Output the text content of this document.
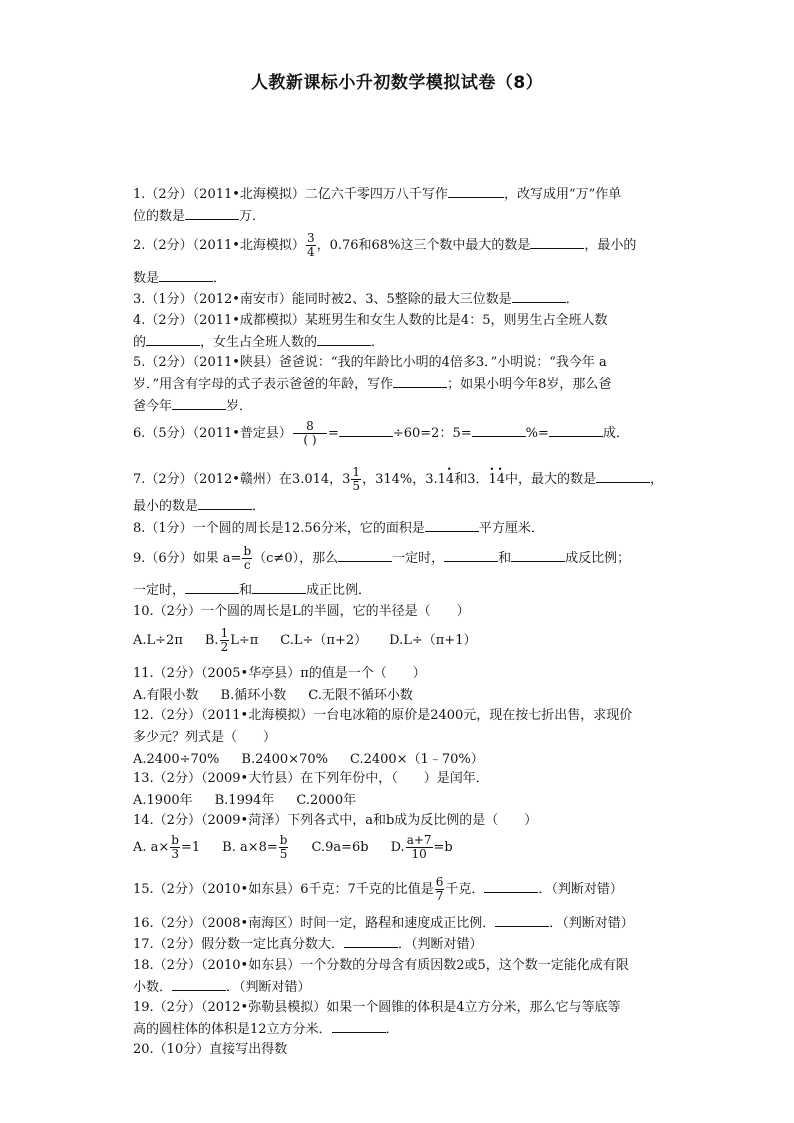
人教新课标小升初数学模拟试卷（8）
1.（2分）（2011•北海模拟）二亿六千零四万八千写作	，改写成用“万”作单
位的数是	万．
2.（2分）（2011•北海模拟） $\frac{3}{4}$ ，0.76和68%这三个数中最大的数是	，最小的
数是	．
3.（1分）（2012•南安市）能同时被2、3、5整除的最大三位数是	．
4.（2分）（2011•成都模拟）某班男生和女生人数的比是4：5，则男生占全班人数
的	，女生占全班人数的	．
5.（2分）（2011•陕县）爸爸说：“我的年龄比小明的4倍多3．”小明说：“我今年 a
岁．”用含有字母的式子表示爸爸的年龄，写作	；如果小明今年8岁，那么爸
爸今年	岁．
6.（5分）（2011•普定县） $\frac{8}{( )}$ =	÷60=2：5=	%=	成．
7.（2分）（2012•赣州）在3.014，$3 \frac{1}{5}$ ，314%，3.1• 4和3．• 1• 4中，最大的数是	，
最小的数是	．
8.（1分）一个圆的周长是12.56分米，它的面积是	平方厘米．
9.（6分）如果 $a= \frac{b}{c} (c\ne 0)$，那么	一定时，	和	成反比例；
一定时，	和	成正比例．
10.（2分）一个圆的周长是L的半圆，它的半径是（　　）
A.L÷2π B. $\frac{1}{2} L\div\pi$ C.L÷（π+2） D.L÷（π+1）
11.（2分）（2005•华亭县）π的值是一个（　　）
A.有限小数 B.循环小数 C.无限不循环小数
12.（2分）（2011•北海模拟）一台电冰箱的原价是2400元，现在按七折出售，求现价
多少元？列式是（　　）
A.2400÷70% B.2400×70% C.2400×（1﹣70%）
13.（2分）（2009•大竹县）在下列年份中，（　　）是闰年．
A.1900年 B.1994年 C.2000年
14.（2分）（2009•菏泽）下列各式中，a和b成为反比例的是（　　）
A. $a\times \frac{b}{3} =1$ B. $a\times 8= \frac{b}{5} C.9a=6b$ D. $\frac{a+7}{10} =b$
15.（2分）（2010•如东县）6千克：7千克的比值是 $\frac{6}{7}$ 千克．	．（判断对错）
16.（2分）（2008•南海区）时间一定，路程和速度成正比例．	．（判断对错）
17.（2分）假分数一定比真分数大．	．（判断对错）
18.（2分）（2010•如东县）一个分数的分母含有质因数2或5，这个数一定能化成有限
小数．	．（判断对错）
19.（2分）（2012•弥勒县模拟）如果一个圆锥的体积是4立方分米，那么它与等底等
高的圆柱体的体积是12立方分米．	．
20.（10分）直接写出得数
